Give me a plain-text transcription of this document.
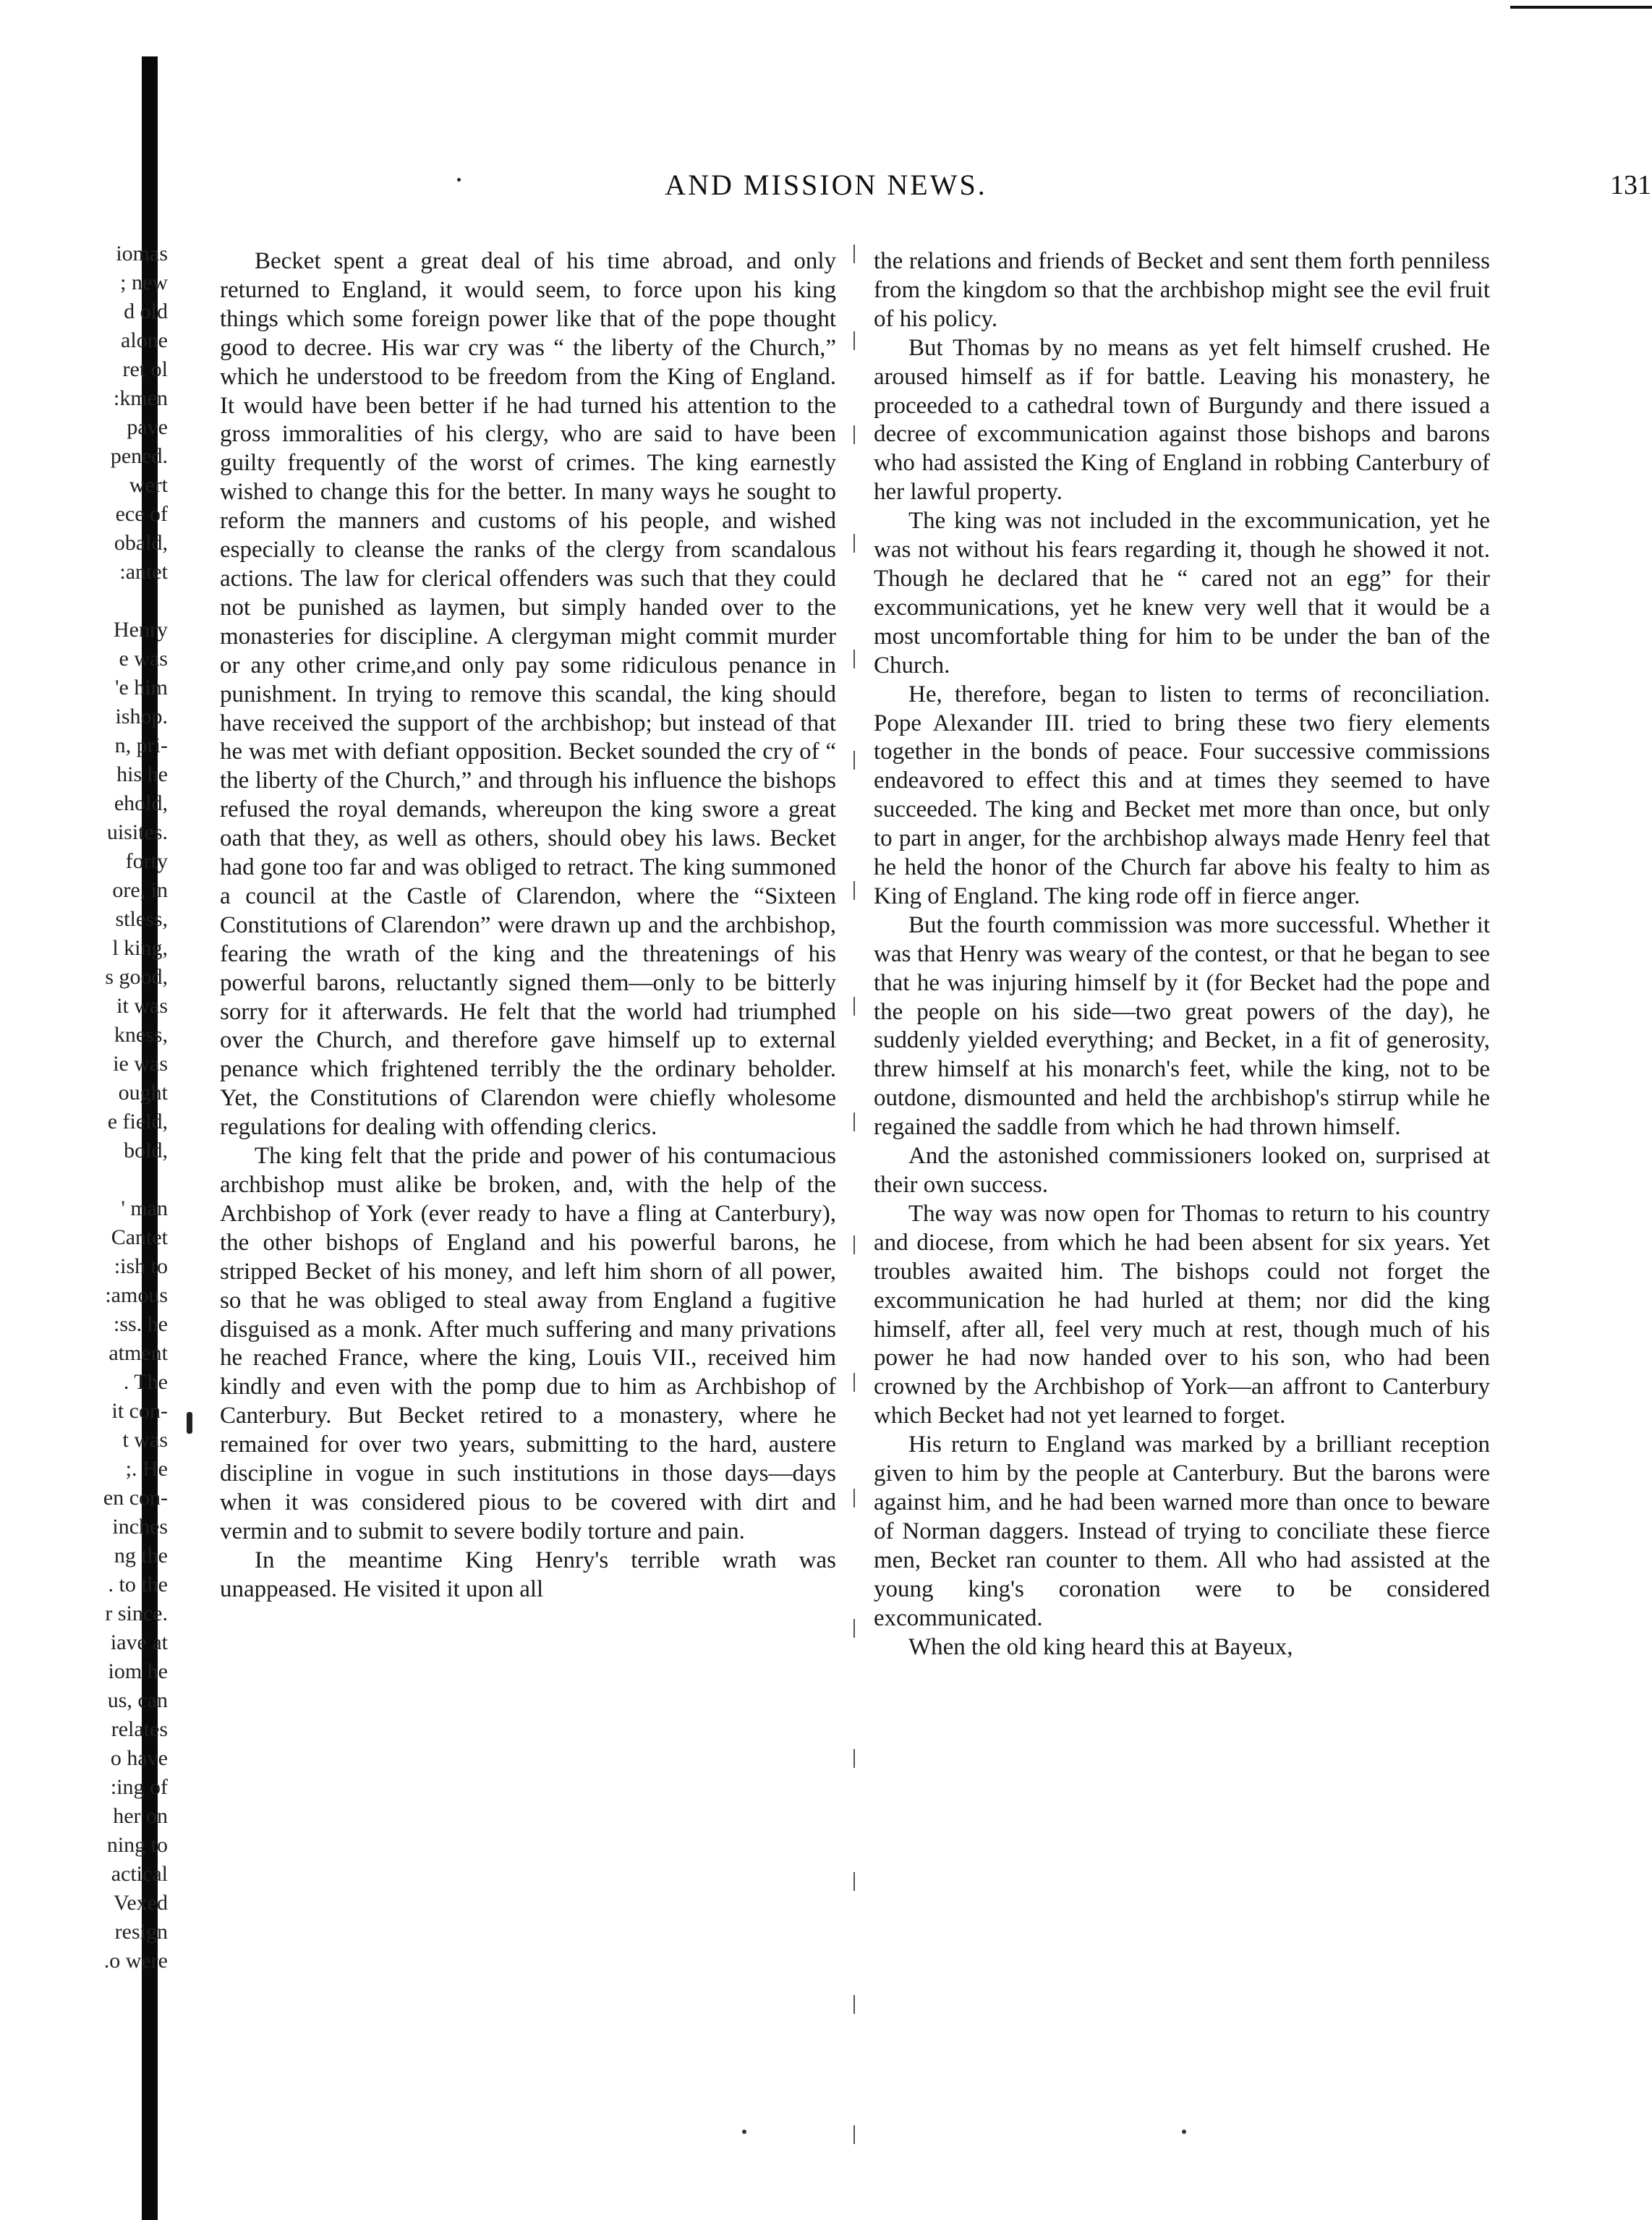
AND MISSION NEWS.	131
iomas
; new
d old
alone
ret ol
:kmen
pave
pened.
wert
ece of
obald,
:antet
Henry
e was
'e him
ishop.
n, pri-
his he
ehold,
uisites.
forty
ore, in
stless,
l king,
s good,
it was
kness,
ie was
ought
e field,
bold,
' man
Cantet
:ish to
:amous
:ss. he
atment
. The
it con-
t was
;. He
en con-
inches
ng the
. to the
r since.
iave at
iom he
us, can
relates
o have
:ing of
her on
ning to
actical
Vexed
resign
.o were

Becket spent a great deal of his time abroad, and only returned to England, it would seem, to force upon his king things which some foreign power like that of the pope thought good to decree. His war cry was “ the liberty of the Church,” which he understood to be freedom from the King of England. It would have been better if he had turned his attention to the gross immoralities of his clergy, who are said to have been guilty frequently of the worst of crimes. The king earnestly wished to change this for the better. In many ways he sought to reform the manners and customs of his people, and wished especially to cleanse the ranks of the clergy from scandalous actions. The law for clerical offenders was such that they could not be punished as laymen, but simply handed over to the monasteries for discipline. A clergyman might commit murder or any other crime,and only pay some ridiculous penance in punishment. In trying to remove this scandal, the king should have received the support of the archbishop; but instead of that he was met with defiant opposition. Becket sounded the cry of “ the liberty of the Church,” and through his influence the bishops refused the royal demands, whereupon the king swore a great oath that they, as well as others, should obey his laws. Becket had gone too far and was obliged to retract. The king summoned a council at the Castle of Clarendon, where the “Sixteen Constitutions of Clarendon” were drawn up and the archbishop, fearing the wrath of the king and the threatenings of his powerful barons, reluctantly signed them—only to be bitterly sorry for it afterwards. He felt that the world had triumphed over the Church, and therefore gave himself up to external penance which frightened terribly the the ordinary beholder. Yet, the Constitutions of Clarendon were chiefly wholesome regulations for dealing with offending clerics.

The king felt that the pride and power of his contumacious archbishop must alike be broken, and, with the help of the Archbishop of York (ever ready to have a fling at Canterbury), the other bishops of England and his powerful barons, he stripped Becket of his money, and left him shorn of all power, so that he was obliged to steal away from England a fugitive disguised as a monk. After much suffering and many privations he reached France, where the king, Louis VII., received him kindly and even with the pomp due to him as Archbishop of Canterbury. But Becket retired to a monastery, where he remained for over two years, submitting to the hard, austere discipline in vogue in such institutions in those days—days when it was considered pious to be covered with dirt and vermin and to submit to severe bodily torture and pain.

In the meantime King Henry's terrible wrath was unappeased. He visited it upon all

the relations and friends of Becket and sent them forth penniless from the kingdom so that the archbishop might see the evil fruit of his policy.

But Thomas by no means as yet felt himself crushed. He aroused himself as if for battle. Leaving his monastery, he proceeded to a cathedral town of Burgundy and there issued a decree of excommunication against those bishops and barons who had assisted the King of England in robbing Canterbury of her lawful property.

The king was not included in the excommunication, yet he was not without his fears regarding it, though he showed it not. Though he declared that he “ cared not an egg” for their excommunications, yet he knew very well that it would be a most uncomfortable thing for him to be under the ban of the Church.

He, therefore, began to listen to terms of reconciliation. Pope Alexander III. tried to bring these two fiery elements together in the bonds of peace. Four successive commissions endeavored to effect this and at times they seemed to have succeeded. The king and Becket met more than once, but only to part in anger, for the archbishop always made Henry feel that he held the honor of the Church far above his fealty to him as King of England. The king rode off in fierce anger.

But the fourth commission was more successful. Whether it was that Henry was weary of the contest, or that he began to see that he was injuring himself by it (for Becket had the pope and the people on his side—two great powers of the day), he suddenly yielded everything; and Becket, in a fit of generosity, threw himself at his monarch's feet, while the king, not to be outdone, dismounted and held the archbishop's stirrup while he regained the saddle from which he had thrown himself.

And the astonished commissioners looked on, surprised at their own success.

The way was now open for Thomas to return to his country and diocese, from which he had been absent for six years. Yet troubles awaited him. The bishops could not forget the excommunication he had hurled at them; nor did the king himself, after all, feel very much at rest, though much of his power he had now handed over to his son, who had been crowned by the Archbishop of York—an affront to Canterbury which Becket had not yet learned to forget.

His return to England was marked by a brilliant reception given to him by the people at Canterbury. But the barons were against him, and he had been warned more than once to beware of Norman daggers. Instead of trying to conciliate these fierce men, Becket ran counter to them. All who had assisted at the young king's coronation were to be considered excommunicated.

When the old king heard this at Bayeux,
